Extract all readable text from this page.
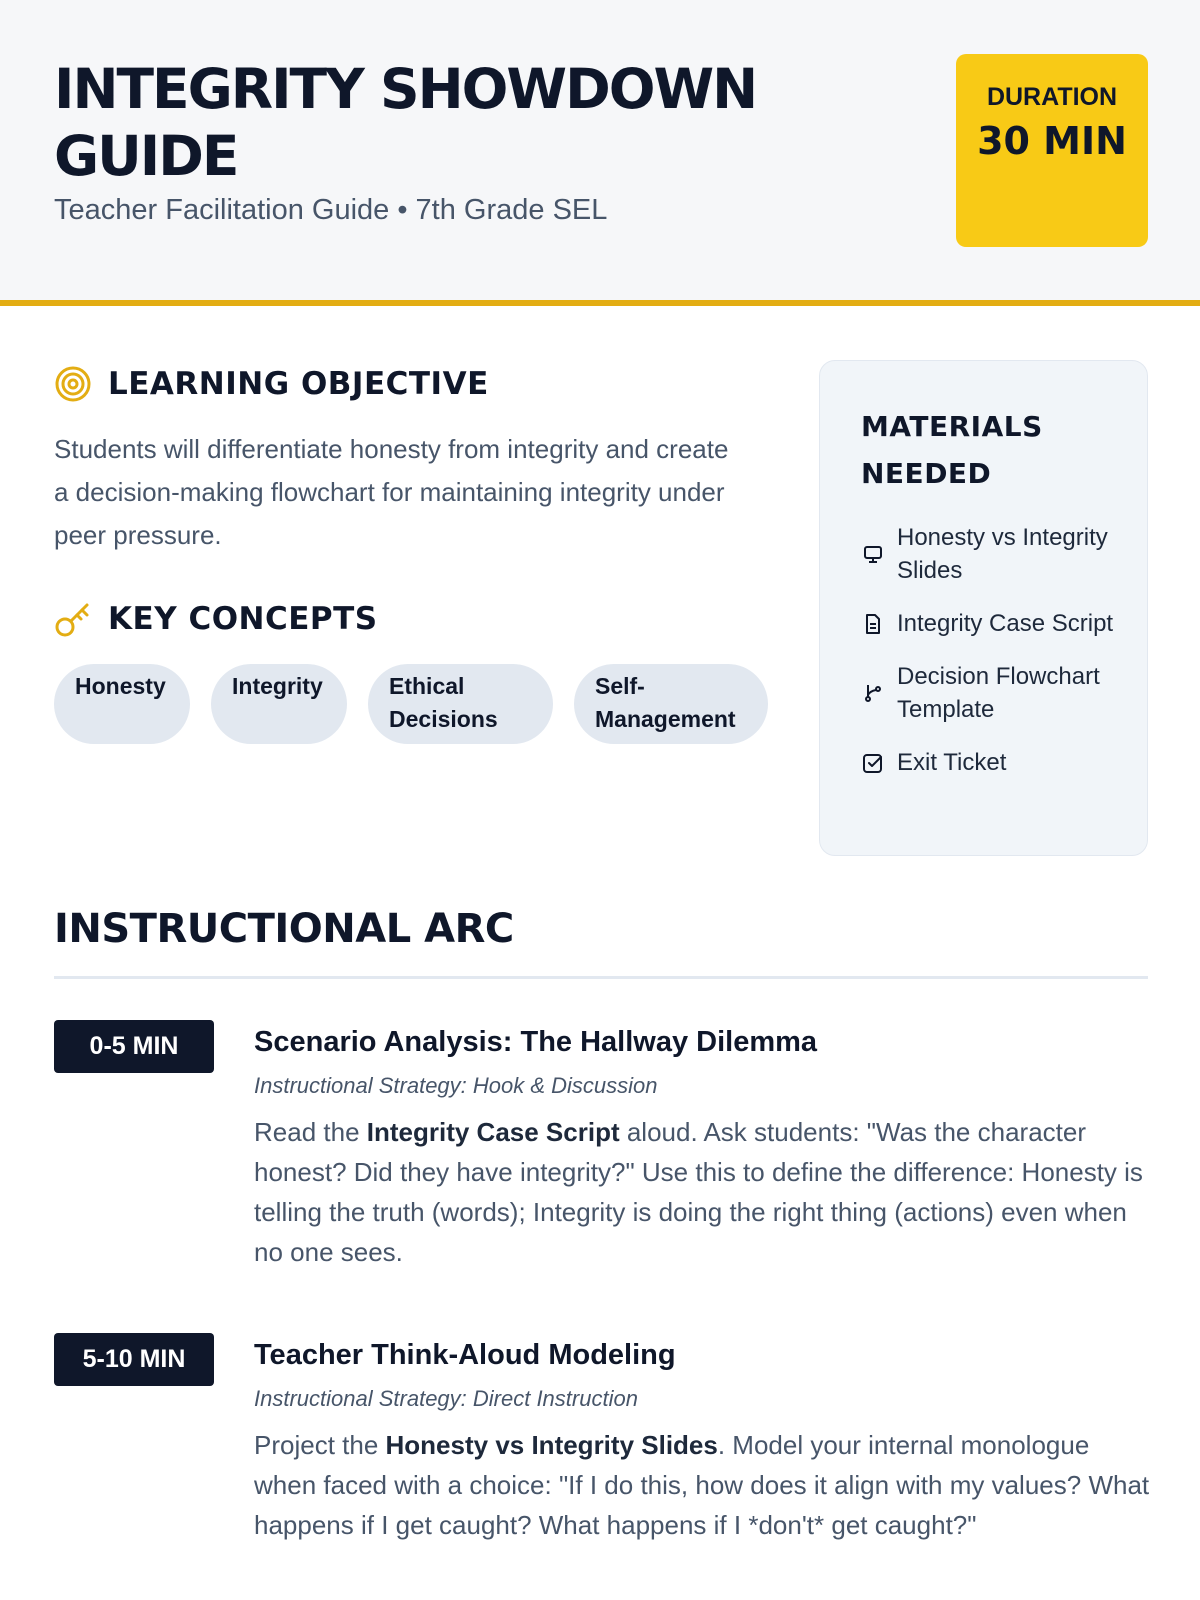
INTEGRITY SHOWDOWN GUIDE
Teacher Facilitation Guide • 7th Grade SEL
DURATION
30 MIN
LEARNING OBJECTIVE

Students will differentiate honesty from integrity and create a decision-making flowchart for maintaining integrity under peer pressure.

KEY CONCEPTS
Honesty	Integrity	Ethical Decisions
Self-Management
MATERIALS NEEDED
Honesty vs Integrity Slides
Integrity Case Script
Decision Flowchart Template
Exit Ticket
INSTRUCTIONAL ARC
0-5 MIN	Scenario Analysis: The Hallway Dilemma
Instructional Strategy: Hook & Discussion

Read the Integrity Case Script aloud. Ask students: "Was the character honest? Did they have integrity?" Use this to define the difference: Honesty is telling the truth (words); Integrity is doing the right thing (actions) even when no one sees.

5-10 MIN	Teacher Think-Aloud Modeling
Instructional Strategy: Direct Instruction

Project the Honesty vs Integrity Slides. Model your internal monologue when faced with a choice: "If I do this, how does it align with my values? What happens if I get caught? What happens if I *don't* get caught?"
